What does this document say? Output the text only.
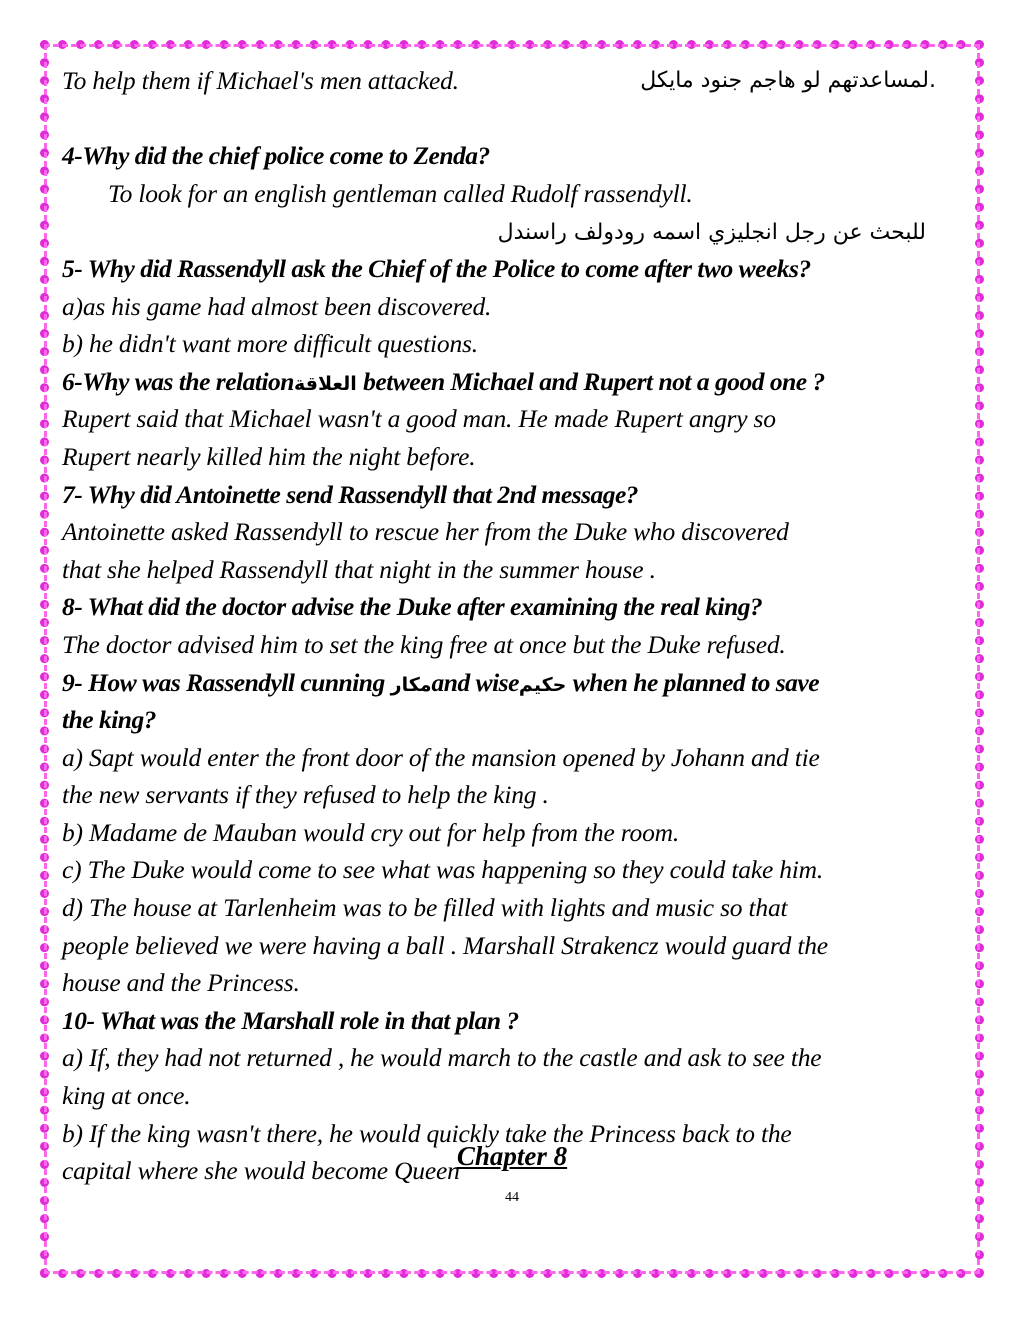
To help them if Michael's men attacked.	.لمساعدتهم لو هاجم جنود مايكل
4-Why did the chief police come to Zenda?
To look for an english gentleman called Rudolf rassendyll.
للبحث عن رجل انجليزي اسمه رودولف راسندل
5- Why did Rassendyll ask the Chief of the Police to come after two weeks?
a)as his game had almost been discovered.
b) he didn't want more difficult questions.
6-Why was the relationالعلاقة between Michael and Rupert not a good one ?
Rupert said that Michael wasn't a good man. He made Rupert angry so
Rupert nearly killed him the night before.
7- Why did Antoinette send Rassendyll that 2nd message?
Antoinette asked Rassendyll to rescue her from the Duke who discovered
that she helped Rassendyll that night in the summer house .
8- What did the doctor advise the Duke after examining the real king?
The doctor advised him to set the king free at once but the Duke refused.
9- How was Rassendyll cunning مكارand wiseحكيم when he planned to save
the king?
a) Sapt would enter the front door of the mansion opened by Johann and tie
the new servants if they refused to help the king .
b) Madame de Mauban would cry out for help from the room.
c) The Duke would come to see what was happening so they could take him.
d) The house at Tarlenheim was to be filled with lights and music so that
people believed we were having a ball . Marshall Strakencz would guard the
house and the Princess.
10- What was the Marshall role in that plan ?
a) If, they had not returned , he would march to the castle and ask to see the
king at once.
b) If the king wasn't there, he would quickly take the Princess back to the
capital where she would become Queen
Chapter 8
44
